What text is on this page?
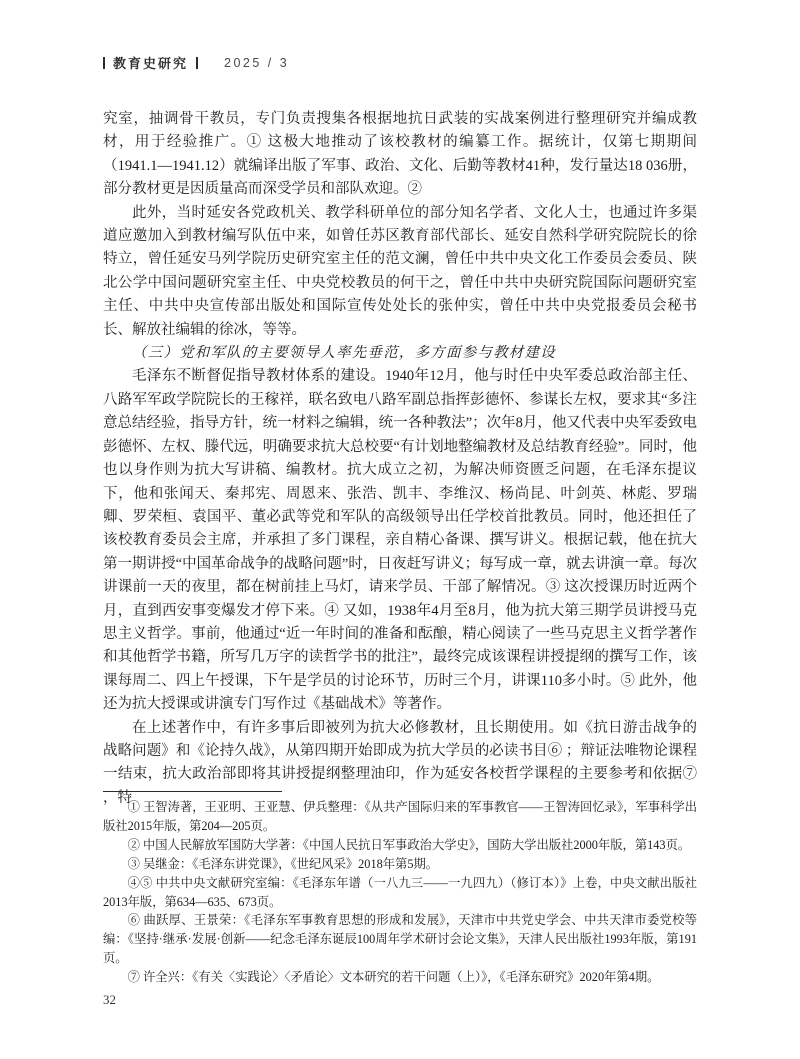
教育史研究	2025 / 3

究室，抽调骨干教员，专门负责搜集各根据地抗日武装的实战案例进行整理研究并编成教材，用于经验推广。① 这极大地推动了该校教材的编纂工作。据统计，仅第七期期间（1941.1—1941.12）就编译出版了军事、政治、文化、后勤等教材41种，发行量达18 036册，部分教材更是因质量高而深受学员和部队欢迎。②

此外，当时延安各党政机关、教学科研单位的部分知名学者、文化人士，也通过许多渠道应邀加入到教材编写队伍中来，如曾任苏区教育部代部长、延安自然科学研究院院长的徐特立，曾任延安马列学院历史研究室主任的范文澜，曾任中共中央文化工作委员会委员、陕北公学中国问题研究室主任、中央党校教员的何干之，曾任中共中央研究院国际问题研究室主任、中共中央宣传部出版处和国际宣传处处长的张仲实，曾任中共中央党报委员会秘书长、解放社编辑的徐冰，等等。

（三）党和军队的主要领导人率先垂范，多方面参与教材建设

毛泽东不断督促指导教材体系的建设。1940年12月，他与时任中央军委总政治部主任、八路军军政学院院长的王稼祥，联名致电八路军副总指挥彭德怀、参谋长左权，要求其“多注意总结经验，指导方针，统一材料之编辑，统一各种教法”；次年8月，他又代表中央军委致电彭德怀、左权、滕代远，明确要求抗大总校要“有计划地整编教材及总结教育经验”。同时，他也以身作则为抗大写讲稿、编教材。抗大成立之初，为解决师资匮乏问题，在毛泽东提议下，他和张闻天、秦邦宪、周恩来、张浩、凯丰、李维汉、杨尚昆、叶剑英、林彪、罗瑞卿、罗荣桓、袁国平、董必武等党和军队的高级领导出任学校首批教员。同时，他还担任了该校教育委员会主席，并承担了多门课程，亲自精心备课、撰写讲义。根据记载，他在抗大第一期讲授“中国革命战争的战略问题”时，日夜赶写讲义；每写成一章，就去讲演一章。每次讲课前一天的夜里，都在树前挂上马灯，请来学员、干部了解情况。③ 这次授课历时近两个月，直到西安事变爆发才停下来。④ 又如，1938年4月至8月，他为抗大第三期学员讲授马克思主义哲学。事前，他通过“近一年时间的准备和酝酿，精心阅读了一些马克思主义哲学著作和其他哲学书籍，所写几万字的读哲学书的批注”，最终完成该课程讲授提纲的撰写工作，该课每周二、四上午授课，下午是学员的讨论环节，历时三个月，讲课110多小时。⑤ 此外，他还为抗大授课或讲演专门写作过《基础战术》等著作。

在上述著作中，有许多事后即被列为抗大必修教材，且长期使用。如《抗日游击战争的战略问题》和《论持久战》，从第四期开始即成为抗大学员的必读书目⑥ ；辩证法唯物论课程一结束，抗大政治部即将其讲授提纲整理油印，作为延安各校哲学课程的主要参考和依据⑦ ，特

① 王智涛著，王亚明、王亚慧、伊兵整理：《从共产国际归来的军事教官——王智涛回忆录》，军事科学出版社2015年版，第204—205页。

② 中国人民解放军国防大学著：《中国人民抗日军事政治大学史》，国防大学出版社2000年版，第143页。

③ 吴继金：《毛泽东讲党课》，《世纪风采》2018年第5期。

④⑤ 中共中央文献研究室编：《毛泽东年谱（一八九三——一九四九）（修订本）》上卷，中央文献出版社2013年版，第634—635、673页。

⑥ 曲跃厚、王景荣：《毛泽东军事教育思想的形成和发展》，天津市中共党史学会、中共天津市委党校等编：《坚持·继承·发展·创新——纪念毛泽东诞辰100周年学术研讨会论文集》，天津人民出版社1993年版，第191页。

⑦ 许全兴：《有关〈实践论〉〈矛盾论〉文本研究的若干问题（上）》，《毛泽东研究》2020年第4期。

32
